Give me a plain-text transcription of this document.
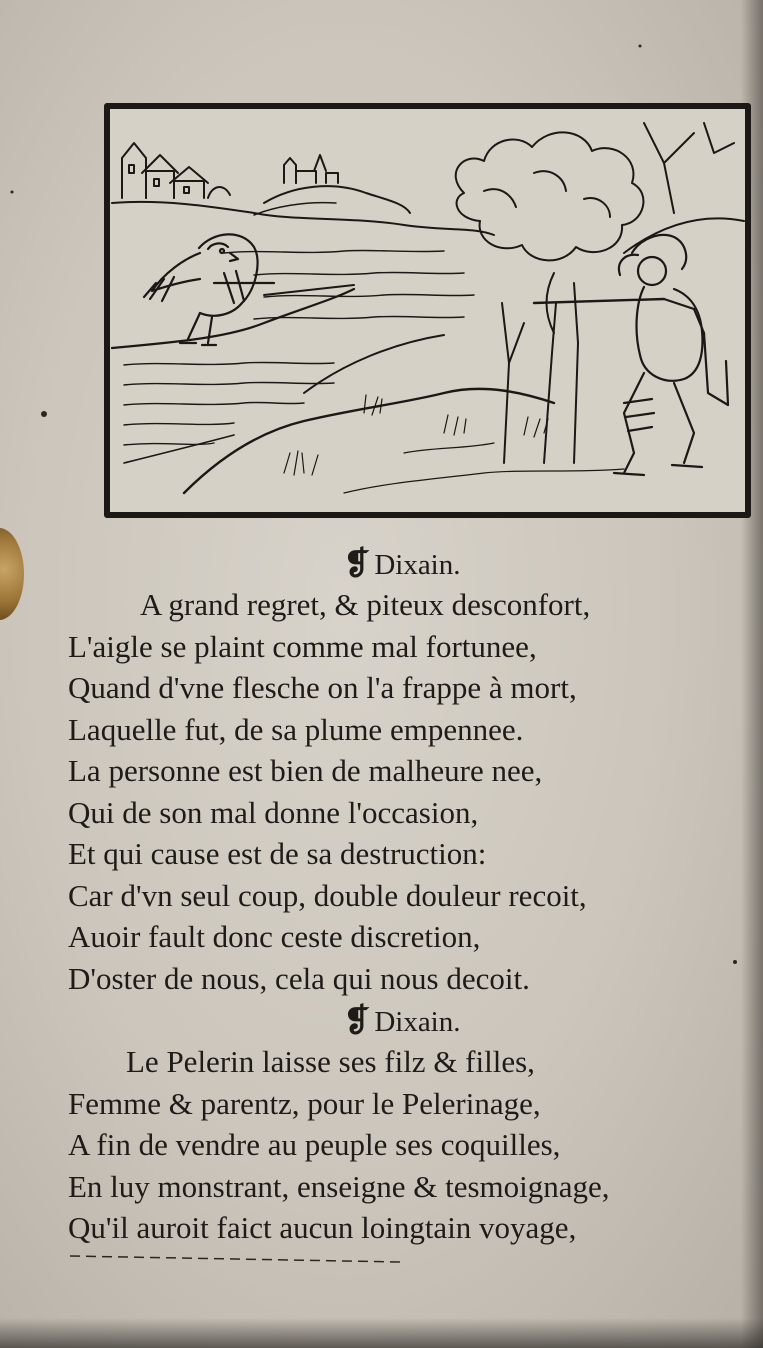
❡ Dixain.
A grand regret, & piteux desconfort,
L'aigle se plaint comme mal fortunee,
Quand d'vne flesche on l'a frappe à mort,
Laquelle fut, de sa plume empennee.
La personne est bien de malheure nee,
Qui de son mal donne l'occasion,
Et qui cause est de sa destruction:
Car d'vn seul coup, double douleur recoit,
Auoir fault donc ceste discretion,
D'oster de nous, cela qui nous decoit.
❡ Dixain.
Le Pelerin laisse ses filz & filles,
Femme & parentz, pour le Pelerinage,
A fin de vendre au peuple ses coquilles,
En luy monstrant, enseigne & tesmoignage,
Qu'il auroit faict aucun loingtain voyage,
